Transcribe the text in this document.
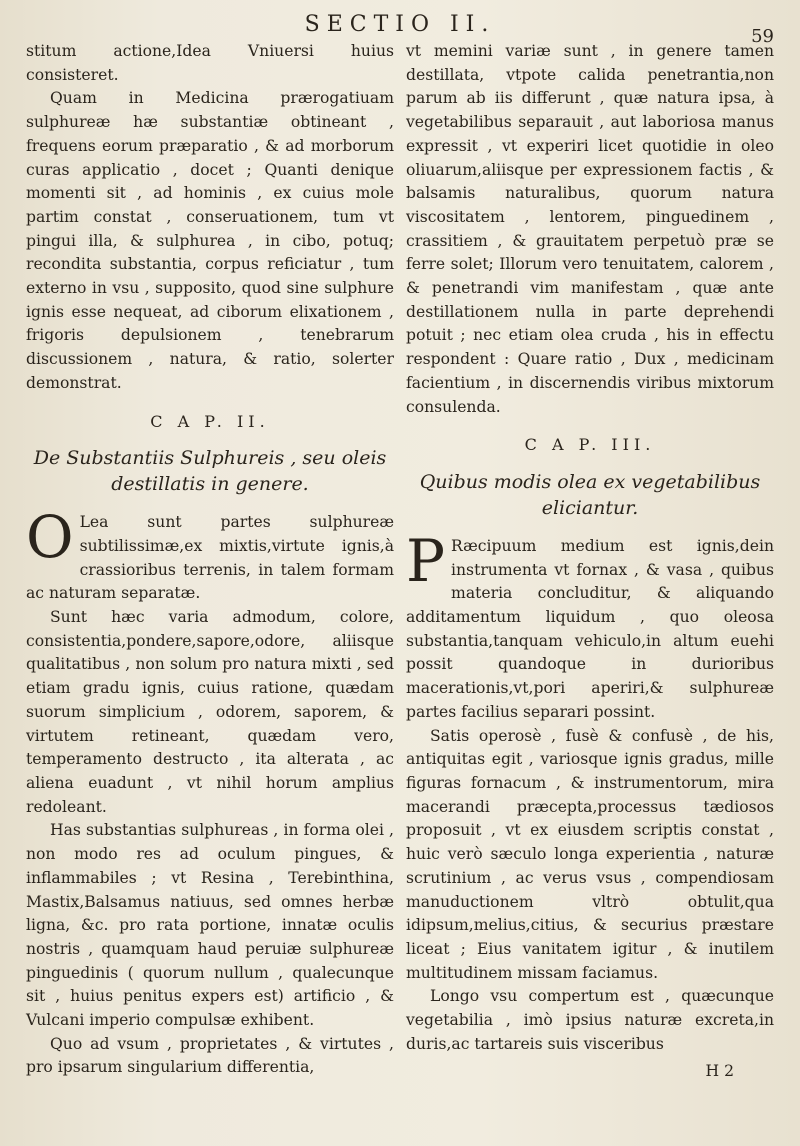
SECTIO II.	59

stitum actione,Idea Vniuersi huius consisteret.

Quam in Medicina prærogatiuam sulphureæ hæ substantiæ obtineant , frequens eorum præparatio , & ad morborum curas applicatio , docet ; Quanti denique momenti sit , ad hominis , ex cuius mole partim constat , conseruationem, tum vt pingui illa, & sulphurea , in cibo, potuq; recondita substantia, corpus reficiatur , tum externo in vsu , supposito, quod sine sulphure ignis esse nequeat, ad ciborum elixationem , frigoris depulsionem , tenebrarum discussionem , natura, & ratio, solerter demonstrat.

C A P. II.
De Substantiis Sulphureis , seu oleis
destillatis in genere.

O Lea sunt partes sulphureæ subtilissimæ,ex mixtis,virtute ignis,à crassioribus terrenis, in talem formam ac naturam separatæ.

Sunt hæc varia admodum, colore, consistentia,pondere,sapore,odore, aliisque qualitatibus , non solum pro natura mixti , sed etiam gradu ignis, cuius ratione, quædam suorum simplicium , odorem, saporem, & virtutem retineant, quædam vero, temperamento destructo , ita alterata , ac aliena euadunt , vt nihil horum amplius redoleant.

Has substantias sulphureas , in forma olei , non modo res ad oculum pingues, & inflammabiles ; vt Resina , Terebinthina, Mastix,Balsamus natiuus, sed omnes herbæ ligna, &c. pro rata portione, innatæ oculis nostris , quamquam haud peruiæ sulphureæ pinguedinis ( quorum nullum , qualecunque sit , huius penitus expers est) artificio , & Vulcani imperio compulsæ exhibent.

Quo ad vsum , proprietates , & virtutes , pro ipsarum singularium differentia,

vt memini variæ sunt , in genere tamen destillata, vtpote calida penetrantia,non parum ab iis differunt , quæ natura ipsa, à vegetabilibus separauit , aut laboriosa manus expressit , vt experiri licet quotidie in oleo oliuarum,aliisque per expressionem factis , & balsamis naturalibus, quorum natura viscositatem , lentorem, pinguedinem , crassitiem , & grauitatem perpetuò præ se ferre solet; Illorum vero tenuitatem, calorem , & penetrandi vim manifestam , quæ ante destillationem nulla in parte deprehendi potuit ; nec etiam olea cruda , his in effectu respondent : Quare ratio , Dux , medicinam facientium , in discernendis viribus mixtorum consulenda.

C A P. III.
Quibus modis olea ex vegetabilibus
eliciantur.

P Ræcipuum medium est ignis,dein instrumenta vt fornax , & vasa , quibus materia concluditur, & aliquando additamentum liquidum , quo oleosa substantia,tanquam vehiculo,in altum euehi possit quandoque in durioribus macerationis,vt,pori aperiri,& sulphureæ partes facilius separari possint.

Satis operosè , fusè & confusè , de his, antiquitas egit , variosque ignis gradus, mille figuras fornacum , & instrumentorum, mira macerandi præcepta,processus tædiosos proposuit , vt ex eiusdem scriptis constat , huic verò sæculo longa experientia , naturæ scrutinium , ac verus vsus , compendiosam manuductionem vltrò obtulit,qua idipsum,melius,citius, & securius præstare liceat ; Eius vanitatem igitur , & inutilem multitudinem missam faciamus.

Longo vsu compertum est , quæcunque vegetabilia , imò ipsius naturæ excreta,in duris,ac tartareis suis visceribus

H 2
